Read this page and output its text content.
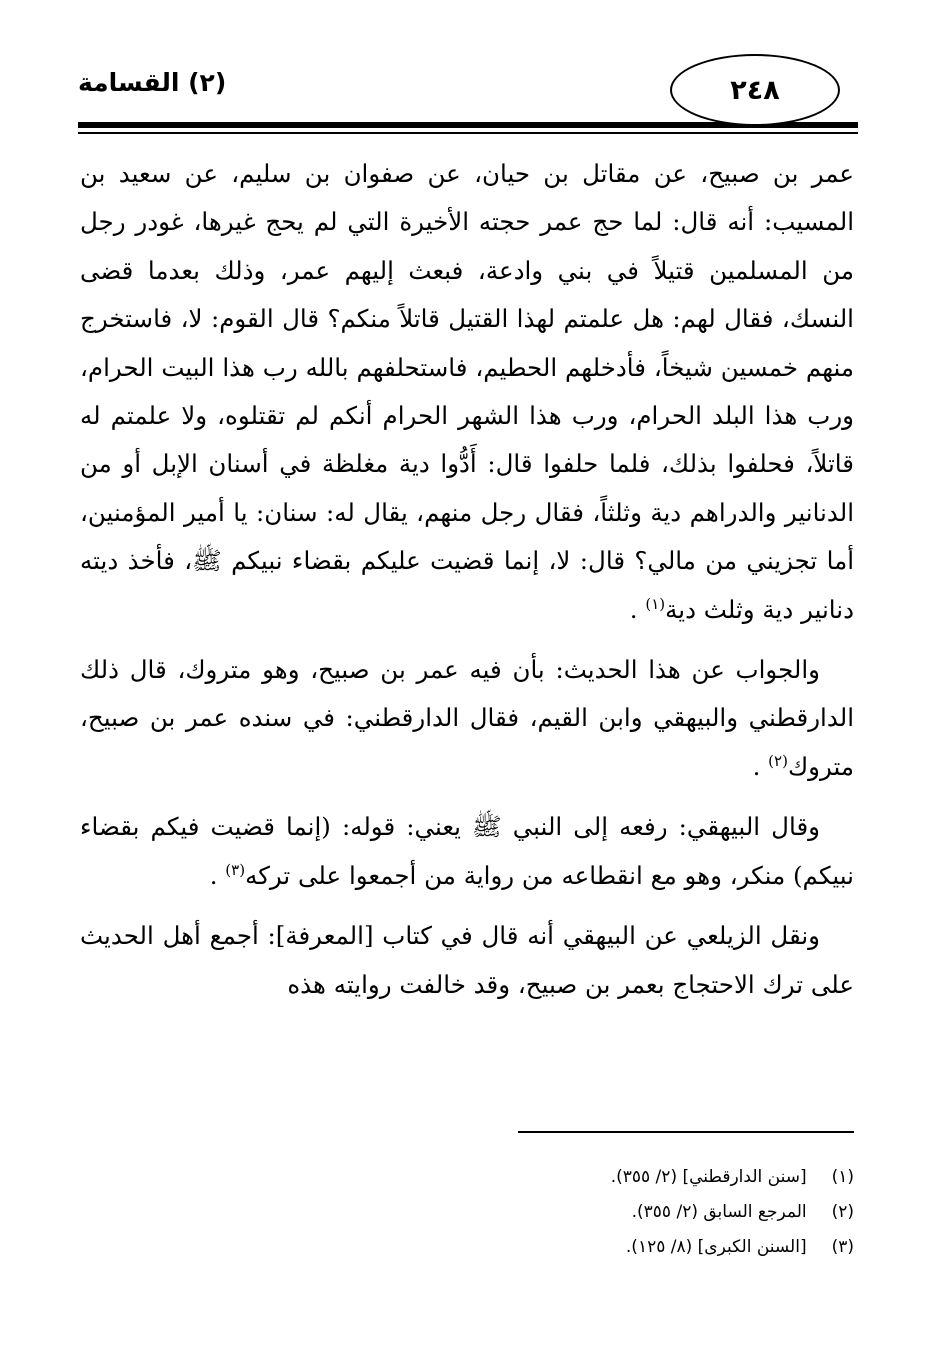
(٢) القسامة	٢٤٨

عمر بن صبيح، عن مقاتل بن حيان، عن صفوان بن سليم، عن سعيد بن المسيب: أنه قال: لما حج عمر حجته الأخيرة التي لم يحج غيرها، غودر رجل من المسلمين قتيلاً في بني وادعة، فبعث إليهم عمر، وذلك بعدما قضى النسك، فقال لهم: هل علمتم لهذا القتيل قاتلاً منكم؟ قال القوم: لا، فاستخرج منهم خمسين شيخاً، فأدخلهم الحطيم، فاستحلفهم بالله رب هذا البيت الحرام، ورب هذا البلد الحرام، ورب هذا الشهر الحرام أنكم لم تقتلوه، ولا علمتم له قاتلاً، فحلفوا بذلك، فلما حلفوا قال: أَدُّوا دية مغلظة في أسنان الإبل أو من الدنانير والدراهم دية وثلثاً، فقال رجل منهم، يقال له: سنان: يا أمير المؤمنين، أما تجزيني من مالي؟ قال: لا، إنما قضيت عليكم بقضاء نبيكم ﷺ، فأخذ ديته دنانير دية وثلث دية$^{(١)}$ .

والجواب عن هذا الحديث: بأن فيه عمر بن صبيح، وهو متروك، قال ذلك الدارقطني والبيهقي وابن القيم، فقال الدارقطني: في سنده عمر بن صبيح، متروك$^{(٢)}$ .

وقال البيهقي: رفعه إلى النبي ﷺ يعني: قوله: (إنما قضيت فيكم بقضاء نبيكم) منكر، وهو مع انقطاعه من رواية من أجمعوا على تركه$^{(٣)}$ .

ونقل الزيلعي عن البيهقي أنه قال في كتاب [المعرفة]: أجمع أهل الحديث على ترك الاحتجاج بعمر بن صبيح، وقد خالفت روايته هذه

(١) [سنن الدارقطني] (٢/ ٣٥٥).
(٢) المرجع السابق (٢/ ٣٥٥).
(٣) [السنن الكبرى] (٨/ ١٢٥).
